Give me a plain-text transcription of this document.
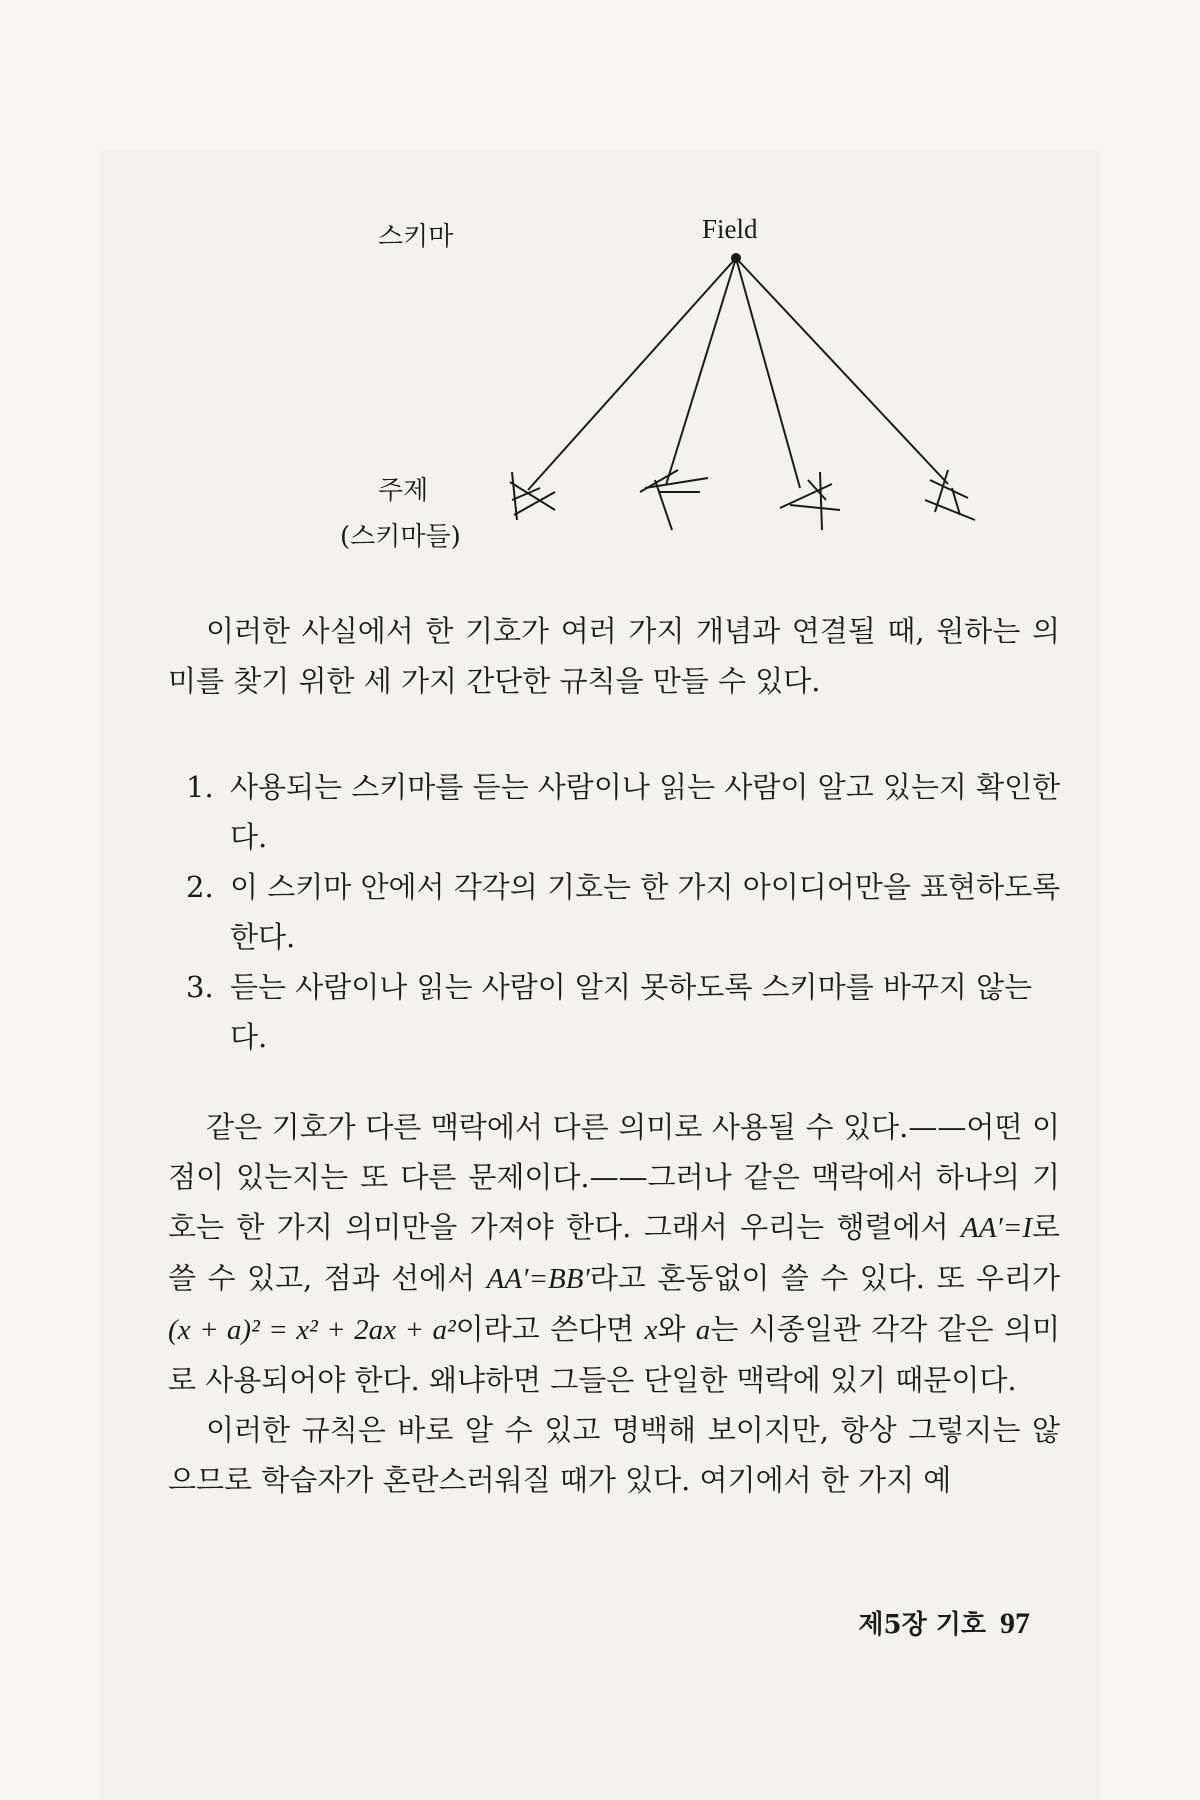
스키마	Field
주제
(스키마들)

이러한 사실에서 한 기호가 여러 가지 개념과 연결될 때, 원하는 의미를 찾기 위한 세 가지 간단한 규칙을 만들 수 있다.

1. 사용되는 스키마를 듣는 사람이나 읽는 사람이 알고 있는지 확인한다.
2. 이 스키마 안에서 각각의 기호는 한 가지 아이디어만을 표현하도록 한다.
3. 듣는 사람이나 읽는 사람이 알지 못하도록 스키마를 바꾸지 않는다.

같은 기호가 다른 맥락에서 다른 의미로 사용될 수 있다.——어떤 이점이 있는지는 또 다른 문제이다.——그러나 같은 맥락에서 하나의 기호는 한 가지 의미만을 가져야 한다. 그래서 우리는 행렬에서 AA′=I로 쓸 수 있고, 점과 선에서 AA′=BB′라고 혼동없이 쓸 수 있다. 또 우리가 (x + a)² = x² + 2ax + a²이라고 쓴다면 x와 a는 시종일관 각각 같은 의미로 사용되어야 한다. 왜냐하면 그들은 단일한 맥락에 있기 때문이다.

이러한 규칙은 바로 알 수 있고 명백해 보이지만, 항상 그렇지는 않으므로 학습자가 혼란스러워질 때가 있다. 여기에서 한 가지 예

제5장 기호 97
